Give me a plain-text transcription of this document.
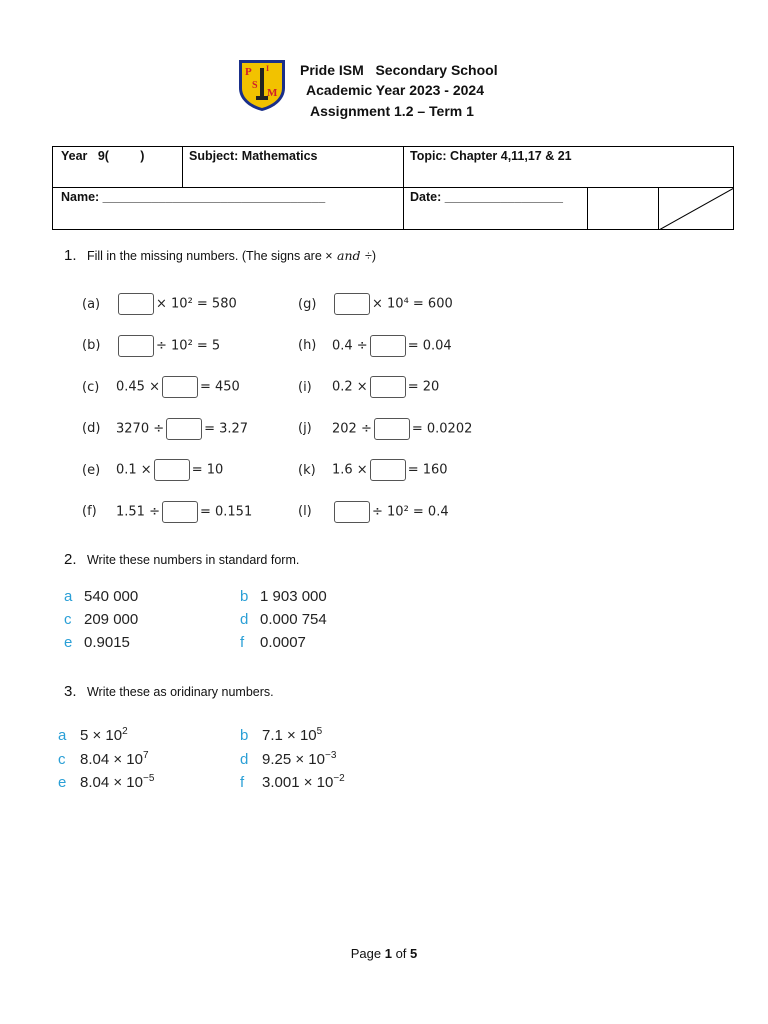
P I
S
M
Pride ISM   Secondary School
Academic Year 2023 - 2024
Assignment 1.2 – Term 1
Year   9(         )	Subject: Mathematics	Topic: Chapter 4,11,17 & 21
Name: ________________________________	Date: _________________
1. Fill in the missing numbers. (The signs are × and ÷)
(a)	× 10² = 580
(b)	÷ 10² = 5
(c) 0.45 ×	= 450
(d) 3270 ÷	= 3.27
(e) 0.1 ×	= 10
(f) 1.51 ÷	= 0.151
(g)	× 10⁴ = 600
(h) 0.4 ÷	= 0.04
(i) 0.2 ×	= 20
(j) 202 ÷	= 0.0202
(k) 1.6 ×	= 160
(l)	÷ 10² = 0.4
2. Write these numbers in standard form.
a 540 000	b 1 903 000
c 209 000	d 0.000 754
e 0.9015	f 0.0007
3. Write these as oridinary numbers.
a $5 \times 10^2$	b $7.1 \times 10^5$
c $8.04 \times 10^7$	d $9.25 \times 10^{-3}$
e $8.04 \times 10^{-5}$	f $3.001 \times 10^{-2}$
Page 1 of 5
